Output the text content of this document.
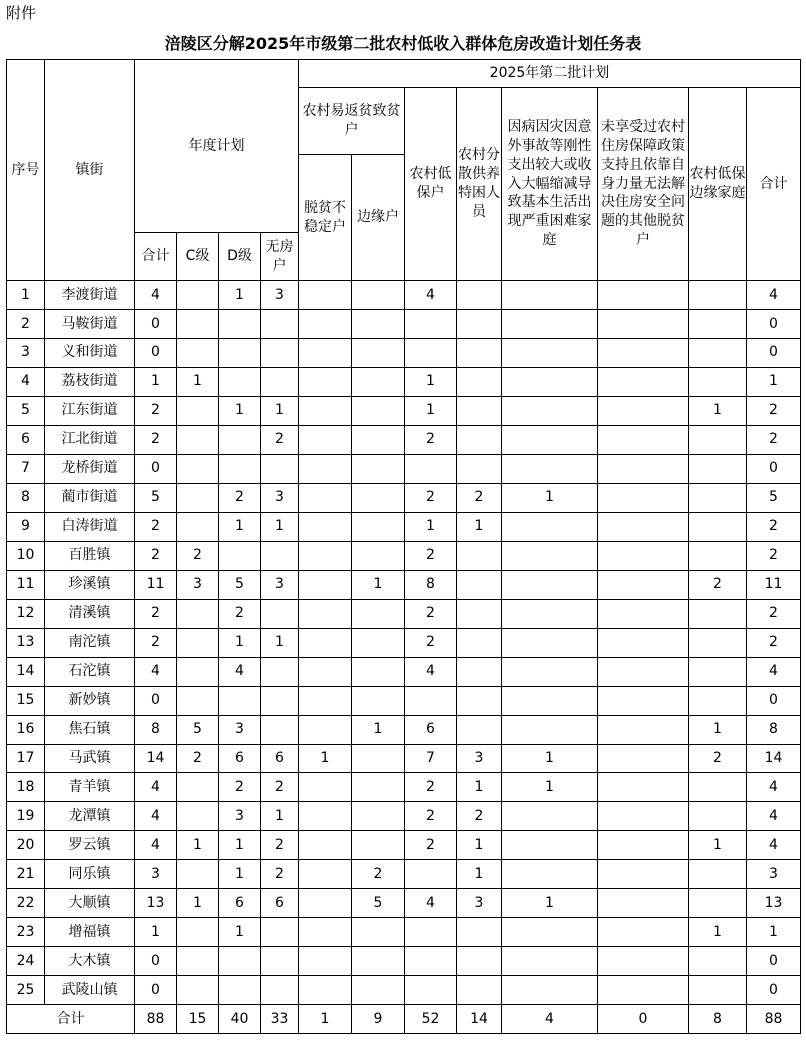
附件
涪陵区分解2025年市级第二批农村低收入群体危房改造计划任务表
序号	镇街	年度计划				2025年第二批计划							
						农村易返贫致贫户		农村低保户	农村分散供养特困人员	因病因灾因意外事故等刚性支出较大或收入大幅缩减导致基本生活出现严重困难家庭	未享受过农村住房保障政策支持且依靠自身力量无法解决住房安全问题的其他脱贫户	农村低保边缘家庭	合计
						脱贫不稳定户	边缘户						
		合计	C级	D级	无房户								
1	李渡街道	4		1	3			4					4
2	马鞍街道	0											0
3	义和街道	0											0
4	荔枝街道	1	1					1					1
5	江东街道	2		1	1			1				1	2
6	江北街道	2			2			2					2
7	龙桥街道	0											0
8	蔺市街道	5		2	3			2	2	1			5
9	白涛街道	2		1	1			1	1				2
10	百胜镇	2	2					2					2
11	珍溪镇	11	3	5	3		1	8				2	11
12	清溪镇	2		2				2					2
13	南沱镇	2		1	1			2					2
14	石沱镇	4		4				4					4
15	新妙镇	0											0
16	焦石镇	8	5	3			1	6				1	8
17	马武镇	14	2	6	6	1		7	3	1		2	14
18	青羊镇	4		2	2			2	1	1			4
19	龙潭镇	4		3	1			2	2				4
20	罗云镇	4	1	1	2			2	1			1	4
21	同乐镇	3		1	2		2		1				3
22	大顺镇	13	1	6	6		5	4	3	1			13
23	增福镇	1		1								1	1
24	大木镇	0											0
25	武陵山镇	0											0
合计		88	15	40	33	1	9	52	14	4	0	8	88
